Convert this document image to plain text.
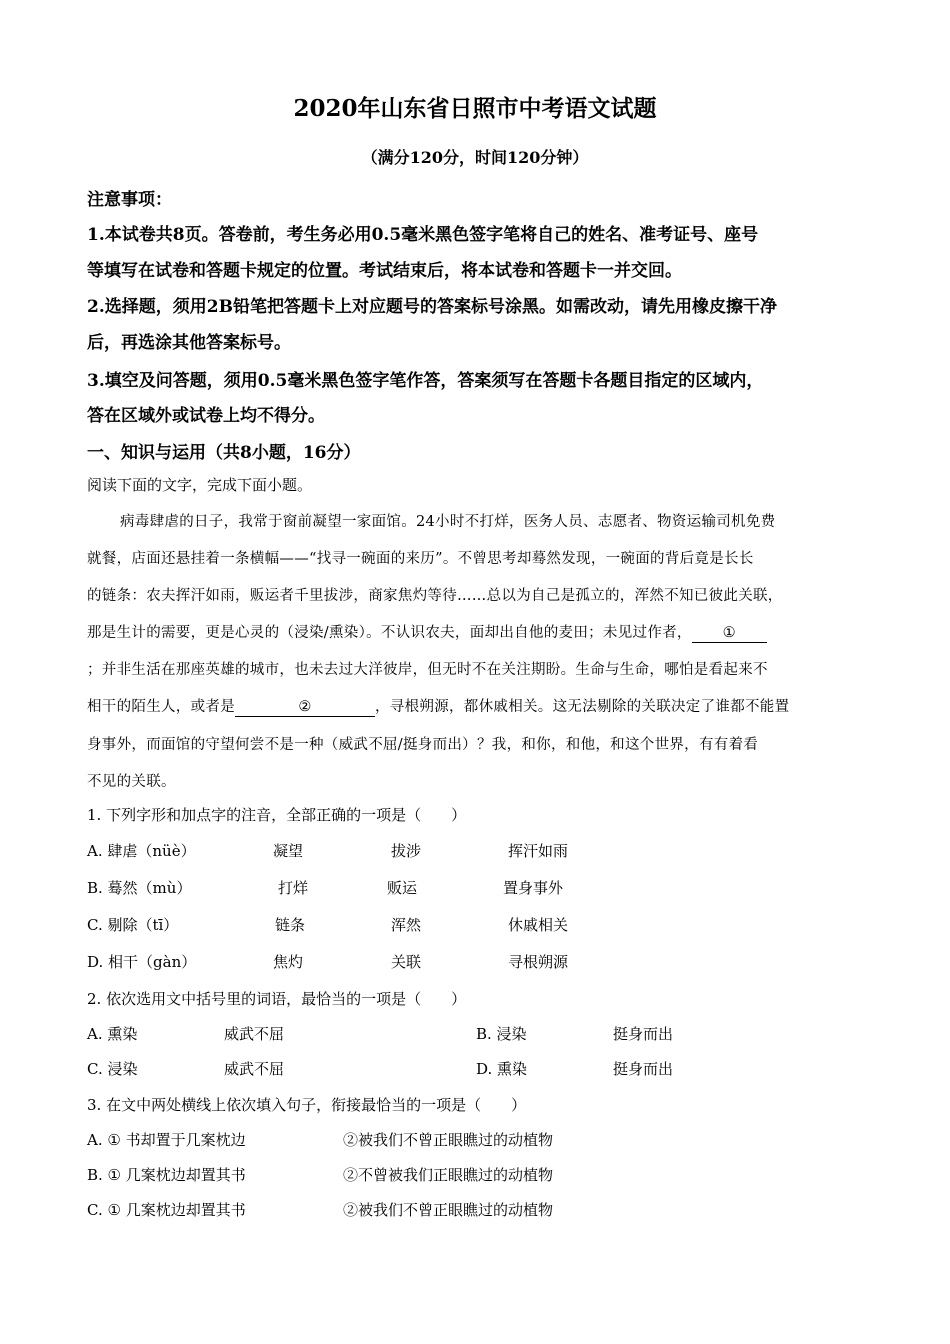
2020年山东省日照市中考语文试题
（满分120分，时间120分钟）
注意事项：
1.本试卷共8页。答卷前，考生务必用0.5毫米黑色签字笔将自己的姓名、准考证号、座号
等填写在试卷和答题卡规定的位置。考试结束后，将本试卷和答题卡一并交回。
2.选择题，须用2B铅笔把答题卡上对应题号的答案标号涂黑。如需改动，请先用橡皮擦干净
后，再选涂其他答案标号。
3.填空及问答题，须用0.5毫米黑色签字笔作答，答案须写在答题卡各题目指定的区域内，
答在区域外或试卷上均不得分。
一、知识与运用（共8小题，16分）
阅读下面的文字，完成下面小题。
病毒肆虐的日子，我常于窗前凝望一家面馆。24小时不打烊，医务人员、志愿者、物资运输司机免费
就餐，店面还悬挂着一条横幅——“找寻一碗面的来历”。不曾思考却蓦然发现，一碗面的背后竟是长长
的链条：农夫挥汗如雨，贩运者千里拔涉，商家焦灼等待……总以为自己是孤立的，浑然不知已彼此关联，
那是生计的需要，更是心灵的（浸染/熏染）。不认识农夫，面却出自他的麦田；未见过作者， ①
；并非生活在那座英雄的城市，也未去过大洋彼岸，但无时不在关注期盼。生命与生命，哪怕是看起来不
相干的陌生人，或者是	②	，寻根朔源，都休戚相关。这无法剔除的关联决定了谁都不能置
身事外，而面馆的守望何尝不是一种（威武不屈/挺身而出）？我，和你，和他，和这个世界，有有着看
不见的关联。
1. 下列字形和加点字的注音，全部正确的一项是（　　）
A. 肆虐（nüè）	凝望	拔涉	挥汗如雨
B. 蓦然（mù）	打烊	贩运	置身事外
C. 剔除（tī）	链条	浑然	休戚相关
D. 相干（gàn）	焦灼	关联	寻根朔源
2. 依次选用文中括号里的词语，最恰当的一项是（　　）
A. 熏染	威武不屈	B. 浸染	挺身而出
C. 浸染	威武不屈	D. 熏染	挺身而出
3. 在文中两处横线上依次填入句子，衔接最恰当的一项是（　　）
A. ① 书却置于几案枕边	②被我们不曾正眼瞧过的动植物
B. ① 几案枕边却置其书	②不曾被我们正眼瞧过的动植物
C. ① 几案枕边却置其书	②被我们不曾正眼瞧过的动植物
